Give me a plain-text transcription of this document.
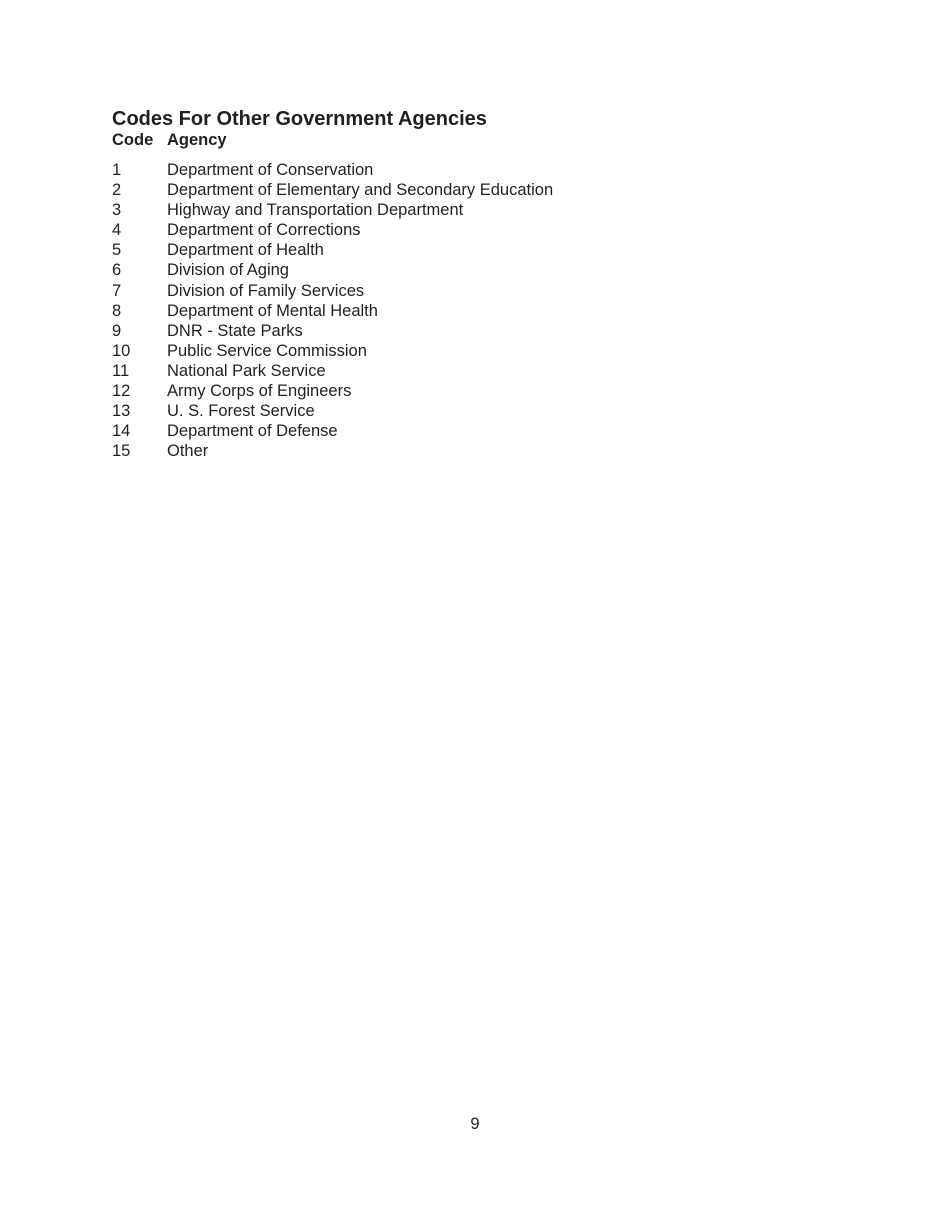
Codes For Other Government Agencies
Code Agency
1	Department of Conservation
2	Department of Elementary and Secondary Education
3	Highway and Transportation Department
4	Department of Corrections
5	Department of Health
6	Division of Aging
7	Division of Family Services
8	Department of Mental Health
9	DNR - State Parks
10 Public Service Commission
11 National Park Service
12 Army Corps of Engineers
13 U. S. Forest Service
14 Department of Defense
15 Other
9
